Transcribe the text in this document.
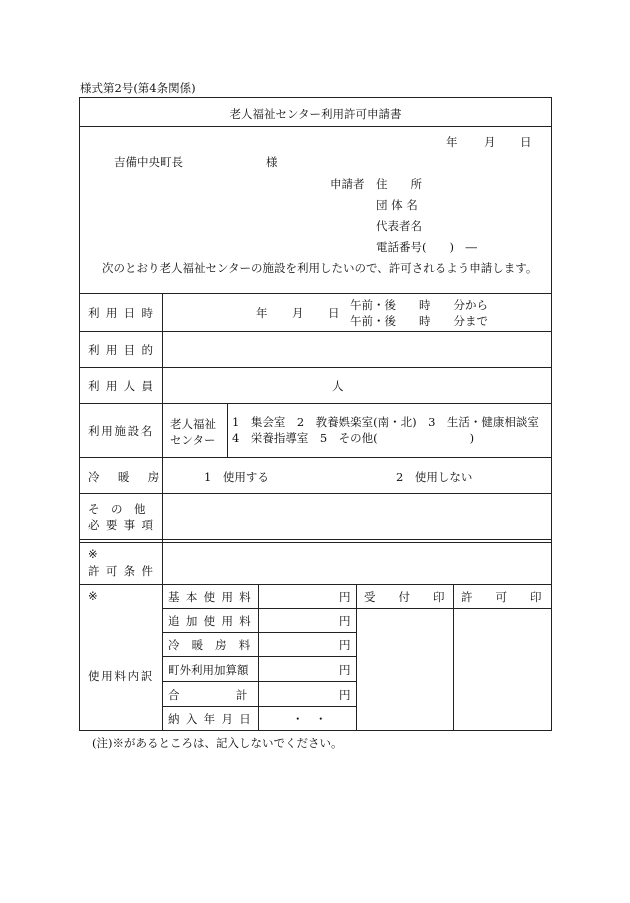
様式第2号(第4条関係)
老人福祉センター利用許可申請書
年 月 日
吉備中央町長	様
申請者 住　　所
団 体 名
代表者名
電話番号(　　)　―
次のとおり老人福祉センターの施設を利用したいので、許可されるよう申請します。
利用日時	年 月 日
午前・後　　時　　分から
午前・後　　時　　分まで
利用目的
利用人員	人
利用施設名 老人福祉
センター
1　集会室　2　教養娯楽室(南・北)　3　生活・健康相談室
4　栄養指導室　5　その他(　　　　　　　　)
冷暖房 1　使用する	2　使用しない
そ　の　他
必要事項
※
許可条件
※
使用料内訳
基本使用料	円
追加使用料	円
冷暖房料	円
町外利用加算額	円
合計	円
納入年月日	・　・
受　　付　　印 許　　可　　印
(注)※があるところは、記入しないでください。
